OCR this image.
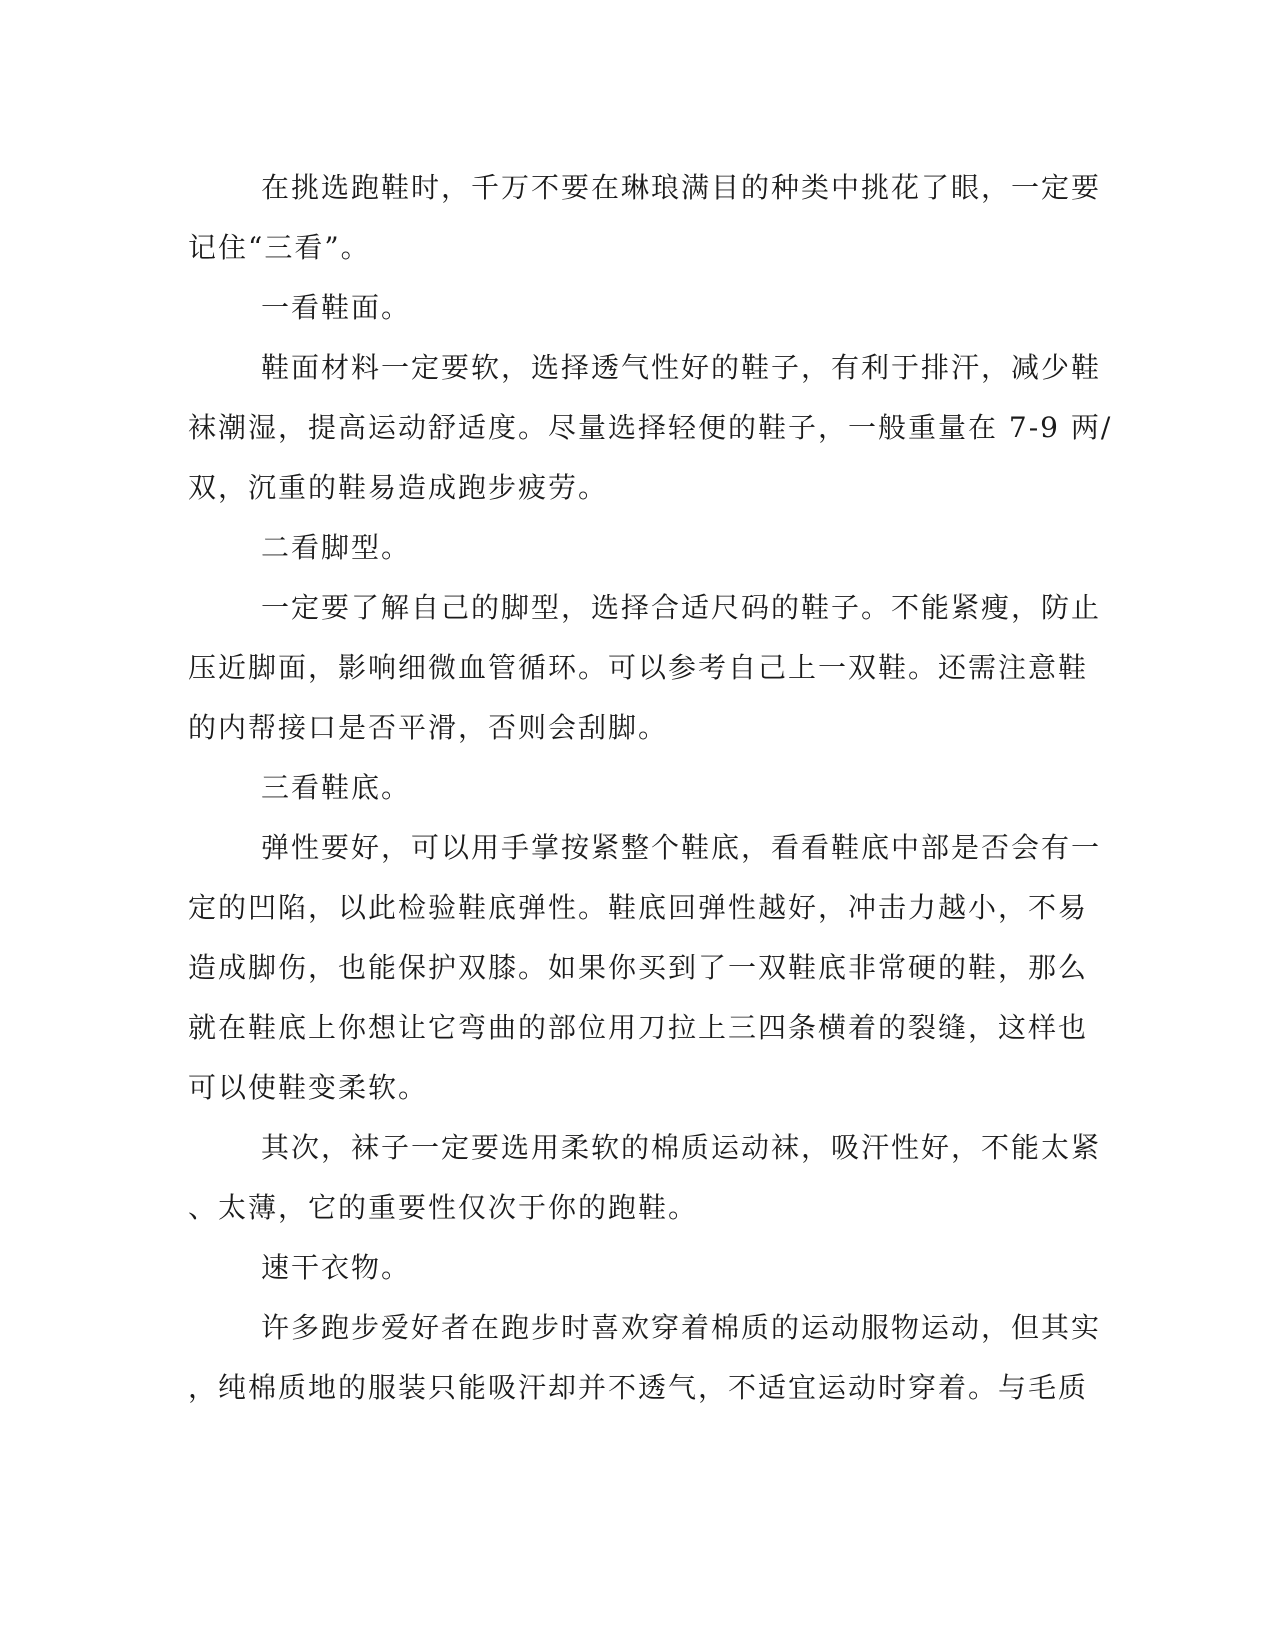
在挑选跑鞋时，千万不要在琳琅满目的种类中挑花了眼，一定要
记住“三看”。

一看鞋面。

鞋面材料一定要软，选择透气性好的鞋子，有利于排汗，减少鞋
袜潮湿，提高运动舒适度。尽量选择轻便的鞋子，一般重量在 7-9 两/
双，沉重的鞋易造成跑步疲劳。

二看脚型。

一定要了解自己的脚型，选择合适尺码的鞋子。不能紧瘦，防止
压近脚面，影响细微血管循环。可以参考自己上一双鞋。还需注意鞋
的内帮接口是否平滑，否则会刮脚。

三看鞋底。

弹性要好，可以用手掌按紧整个鞋底，看看鞋底中部是否会有一
定的凹陷，以此检验鞋底弹性。鞋底回弹性越好，冲击力越小，不易
造成脚伤，也能保护双膝。如果你买到了一双鞋底非常硬的鞋，那么
就在鞋底上你想让它弯曲的部位用刀拉上三四条横着的裂缝，这样也
可以使鞋变柔软。

其次，袜子一定要选用柔软的棉质运动袜，吸汗性好，不能太紧
、太薄，它的重要性仅次于你的跑鞋。

速干衣物。

许多跑步爱好者在跑步时喜欢穿着棉质的运动服物运动，但其实
，纯棉质地的服装只能吸汗却并不透气，不适宜运动时穿着。与毛质
